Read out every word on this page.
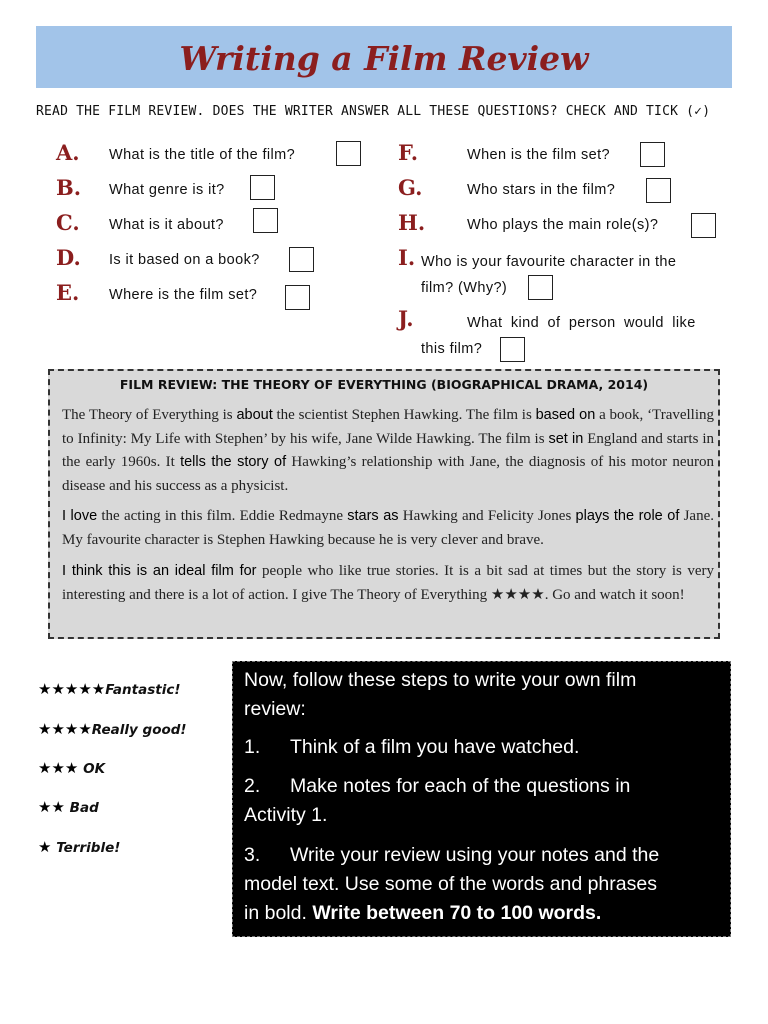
Writing a Film Review
READ THE FILM REVIEW. DOES THE WRITER ANSWER ALL THESE QUESTIONS? CHECK AND TICK (✓)
A. What is the title of the film?
B. What genre is it?
C. What is it about?
D. Is it based on a book?
E. Where is the film set?
F.	When is the film set?
G.	Who stars in the film?
H.	Who plays the main role(s)?
I. Who is your favourite character in the
film? (Why?)
J.	What kind of person would like
this film?
FILM REVIEW: THE THEORY OF EVERYTHING (BIOGRAPHICAL DRAMA, 2014)

The Theory of Everything is about the scientist Stephen Hawking. The film is based on a book, ‘Travelling to Infinity: My Life with Stephen’ by his wife, Jane Wilde Hawking. The film is set in England and starts in the early 1960s. It tells the story of Hawking’s relationship with Jane, the diagnosis of his motor neuron disease and his success as a physicist.

I love the acting in this film. Eddie Redmayne stars as Hawking and Felicity Jones plays the role of Jane. My favourite character is Stephen Hawking because he is very clever and brave.

I think this is an ideal film for people who like true stories. It is a bit sad at times but the story is very interesting and there is a lot of action. I give The Theory of Everything ★★★★. Go and watch it soon!

★★★★★Fantastic!
★★★★Really good!
★★★ OK
★★ Bad
★ Terrible!
Now, follow these steps to write your own film
review:
1. Think of a film you have watched.
2. Make notes for each of the questions in
Activity 1.
3. Write your review using your notes and the
model text. Use some of the words and phrases
in bold. Write between 70 to 100 words.
